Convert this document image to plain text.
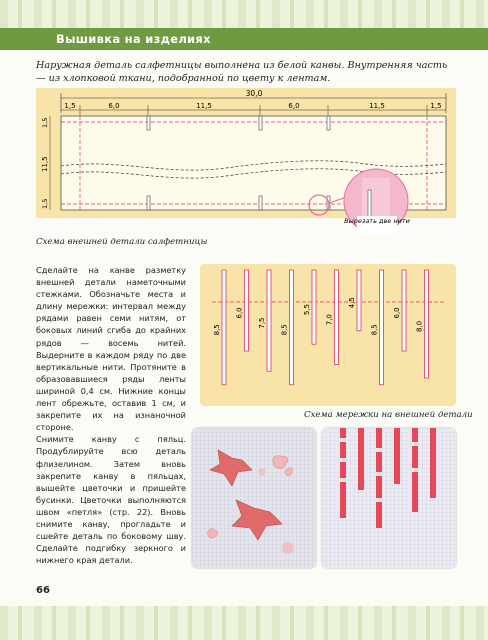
Вышивка на изделиях
Наружная деталь салфетницы выполнена из белой канвы. Внутренняя часть — из хлопковой ткани, подобранной по цвету к лентам.
30,0
1,5	6,0	11,5	6,0	11,5	1,5
1,5
11,5
1,5
Вырезать две нити
Схема внешней детали салфетницы

Сделайте на канве разметку внешней детали наметочными стежками. Обозначьте места и длину мережки: интервал между рядами равен семи нитям, от боковых линий сгиба до крайних рядов — восемь нитей. Выдерните в каждом ряду по две вертикальные нити. Протяните в образовавшиеся ряды ленты шириной 0,4 см. Нижние концы лент обрежьте, оставив 1 см, и закрепите их на изнаночной стороне.

Снимите канву с пяльц. Продублируйте всю деталь флизелином. Затем вновь закрепите канву в пяльцах, вышейте цветочки и пришейте бусинки. Цветочки выполняются швом «петля» (стр. 22). Вновь снимите канву, прогладьте и сшейте деталь по боковому шву. Сделайте подгибку зеркного и нижнего края детали.

8,5
6,0
7,5
8,5
5,5
7,0
4,5
8,5
6,0
8,0
Схема мережки на внешней детали
66
